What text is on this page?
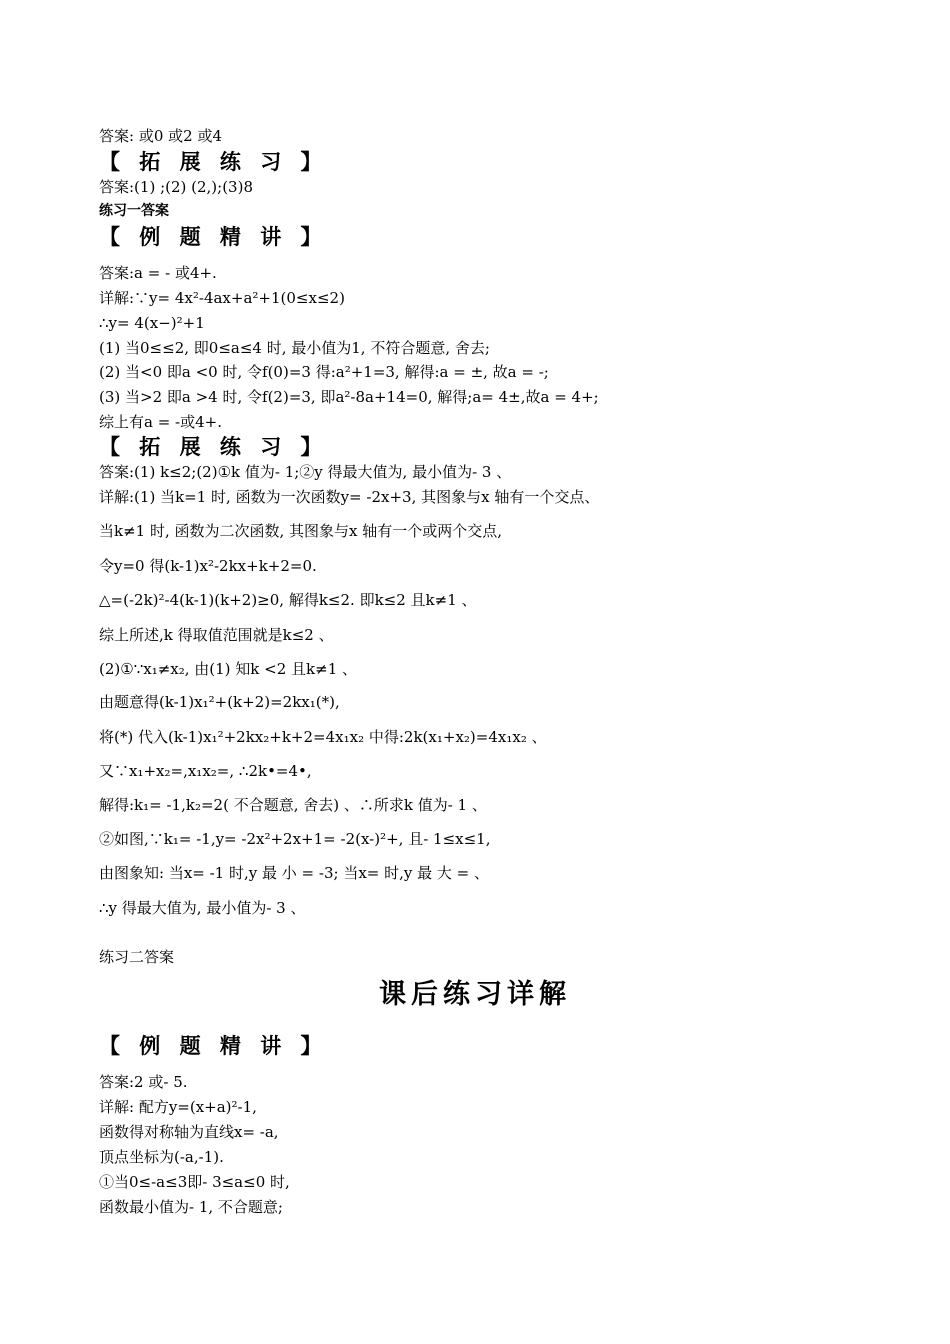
答案: 或0 或2 或4
【 拓 展 练 习 】
答案:(1) ;(2) (2,);(3)8
练习一答案
【 例 题 精 讲 】
答案:a = - 或4+.
详解:∵y= 4x²-4ax+a²+1(0≤x≤2)
∴y= 4(x−)²+1
(1) 当0≤≤2, 即0≤a≤4 时, 最小值为1, 不符合题意, 舍去;
(2) 当<0 即a <0 时, 令f(0)=3 得:a²+1=3, 解得:a = ±, 故a = -;
(3) 当>2 即a >4 时, 令f(2)=3, 即a²-8a+14=0, 解得;a= 4±,故a = 4+;
综上有a = -或4+.
【 拓 展 练 习 】
答案:(1) k≤2;(2)①k 值为- 1;②y 得最大值为, 最小值为- 3 、
详解:(1) 当k=1 时, 函数为一次函数y= -2x+3, 其图象与x 轴有一个交点、
当k≠1 时, 函数为二次函数, 其图象与x 轴有一个或两个交点,
令y=0 得(k-1)x²-2kx+k+2=0.
△=(-2k)²-4(k-1)(k+2)≥0, 解得k≤2. 即k≤2 且k≠1 、
综上所述,k 得取值范围就是k≤2 、
(2)①∵x₁≠x₂, 由(1) 知k <2 且k≠1 、
由题意得(k-1)x₁²+(k+2)=2kx₁(*),
将(*) 代入(k-1)x₁²+2kx₂+k+2=4x₁x₂ 中得:2k(x₁+x₂)=4x₁x₂ 、
又∵x₁+x₂=,x₁x₂=, ∴2k•=4•,
解得:k₁= -1,k₂=2( 不合题意, 舍去) 、∴所求k 值为- 1 、
②如图,∵k₁= -1,y= -2x²+2x+1= -2(x-)²+, 且- 1≤x≤1,
由图象知: 当x= -1 时,y 最 小 = -3; 当x= 时,y 最 大 = 、
∴y 得最大值为, 最小值为- 3 、
练习二答案
课后练习详解
【 例 题 精 讲 】
答案:2 或- 5.
详解: 配方y=(x+a)²-1,
函数得对称轴为直线x= -a,
顶点坐标为(-a,-1).
①当0≤-a≤3即- 3≤a≤0 时,
函数最小值为- 1, 不合题意;
